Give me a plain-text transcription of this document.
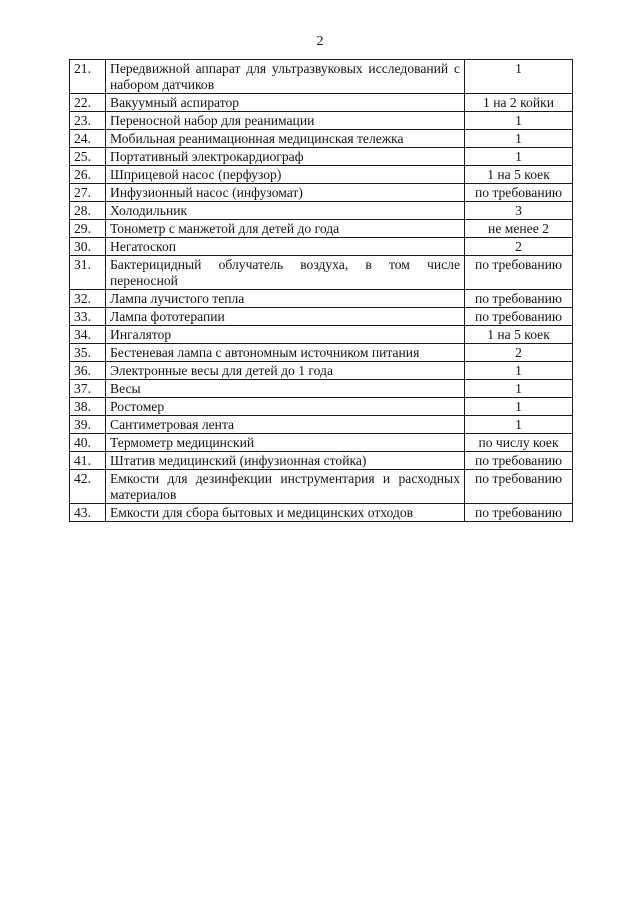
2
21.	Передвижной аппарат для ультразвуковых исследований с набором датчиков	1
22.	Вакуумный аспиратор	1 на 2 койки
23.	Переносной набор для реанимации	1
24.	Мобильная реанимационная медицинская тележка	1
25.	Портативный электрокардиограф	1
26.	Шприцевой насос (перфузор)	1 на 5 коек
27.	Инфузионный насос (инфузомат)	по требованию
28.	Холодильник	3
29.	Тонометр с манжетой для детей до года	не менее 2
30.	Негатоскоп	2
31.	Бактерицидный облучатель воздуха, в том числе переносной	по требованию
32.	Лампа лучистого тепла	по требованию
33.	Лампа фототерапии	по требованию
34.	Ингалятор	1 на 5 коек
35.	Бестеневая лампа с автономным источником питания	2
36.	Электронные весы для детей до 1 года	1
37.	Весы	1
38.	Ростомер	1
39.	Сантиметровая лента	1
40.	Термометр медицинский	по числу коек
41.	Штатив медицинский (инфузионная стойка)	по требованию
42.	Емкости для дезинфекции инструментария и расходных материалов	по требованию
43.	Емкости для сбора бытовых и медицинских отходов	по требованию
